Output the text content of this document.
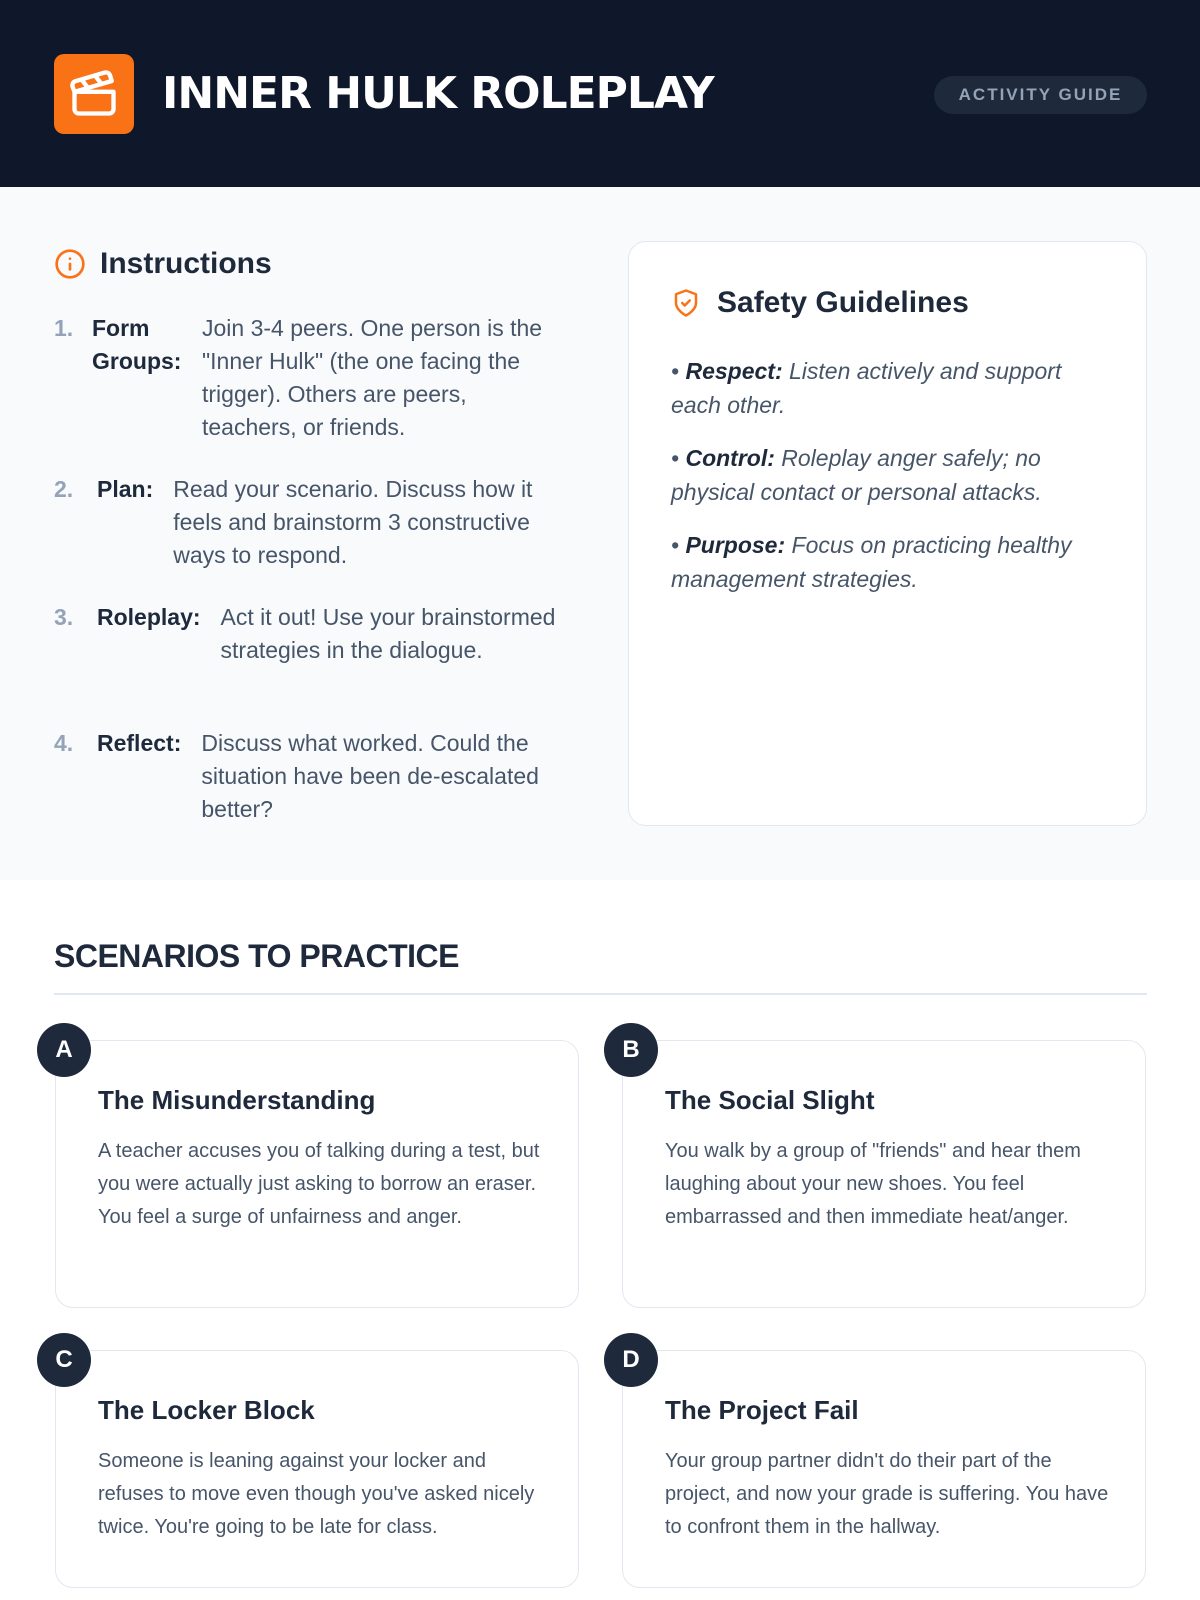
INNER HULK ROLEPLAY	ACTIVITY GUIDE
Instructions
1. Form Groups:
Join 3-4 peers. One person is the "Inner Hulk" (the one facing the trigger). Others are peers, teachers, or friends.
2.	Plan: Read your scenario. Discuss how it feels and brainstorm 3 constructive ways to respond.
3.	Roleplay: Act it out! Use your brainstormed strategies in the dialogue.
4.	Reflect: Discuss what worked. Could the situation have been de-escalated better?
Safety Guidelines
• Respect: Listen actively and support each other.
• Control: Roleplay anger safely; no physical contact or personal attacks.
• Purpose: Focus on practicing healthy management strategies.
SCENARIOS TO PRACTICE
The Misunderstanding
A teacher accuses you of talking during a test, but you were actually just asking to borrow an eraser. You feel a surge of unfairness and anger.
A
The Social Slight
You walk by a group of "friends" and hear them laughing about your new shoes. You feel embarrassed and then immediate heat/anger.
B
The Locker Block
Someone is leaning against your locker and refuses to move even though you've asked nicely twice. You're going to be late for class.
C
The Project Fail
Your group partner didn't do their part of the project, and now your grade is suffering. You have to confront them in the hallway.
D
